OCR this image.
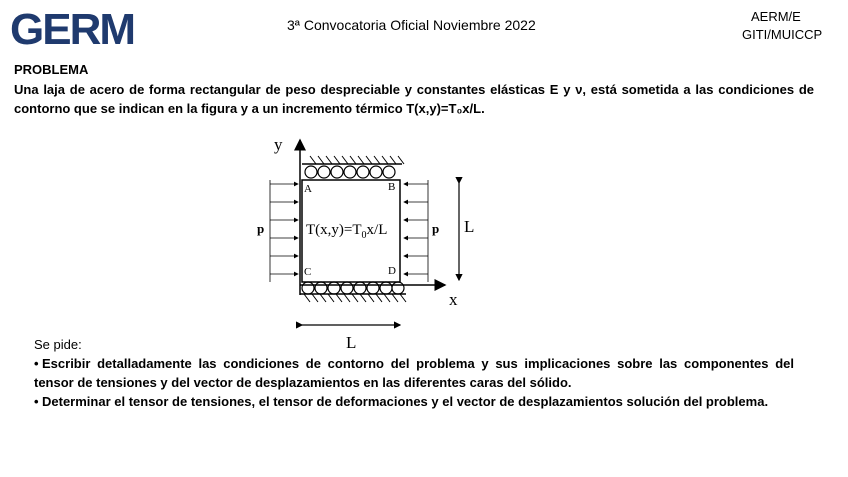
GERM	3ª Convocatoria Oficial Noviembre 2022
AERM/E
GITI/MUICCP
PROBLEMA
Una laja de acero de forma rectangular de peso despreciable y constantes elásticas E y ν, está sometida a las condiciones de contorno que se indican en la figura y a un incremento térmico T(x,y)=T₀x/L.
y
x
A	B
C	D
p	p
$T(x,y)=T_0x/L$	L
L
Se pide:
• Escribir detalladamente las condiciones de contorno del problema y sus implicaciones sobre las componentes del tensor de tensiones y del vector de desplazamientos en las diferentes caras del sólido.
• Determinar el tensor de tensiones, el tensor de deformaciones y el vector de desplazamientos solución del problema.
